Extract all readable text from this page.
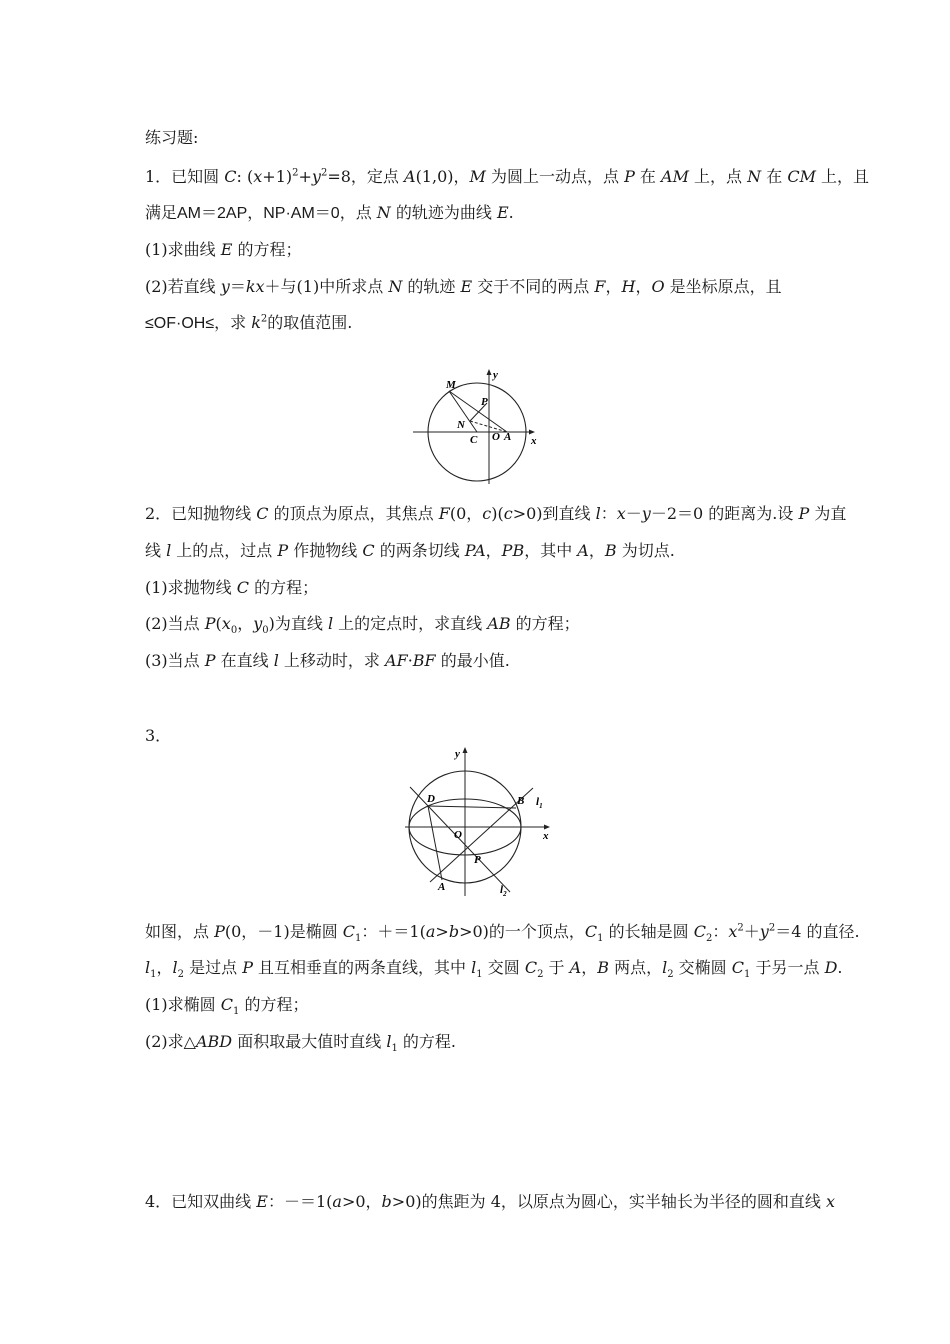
练习题:
1．已知圆 C: $(x+1)^2+y^2=8$，定点 A(1,0)，M 为圆上一动点，点 P 在 AM 上，点 N 在 CM 上，且
满足AM＝2AP，NP·AM＝0，点 N 的轨迹为曲线 E.
(1)求曲线 E 的方程；
(2)若直线 y＝kx＋与(1)中所求点 N 的轨迹 E 交于不同的两点 F，H，O 是坐标原点，且
≤OF·OH≤，求 $k^2$的取值范围.
M
P
N
C O A x
y
2．已知抛物线 C 的顶点为原点，其焦点 F(0，c)(c>0)到直线 l：x－y－2＝0 的距离为.设 P 为直
线 l 上的点，过点 P 作抛物线 C 的两条切线 PA，PB，其中 A，B 为切点.
(1)求抛物线 C 的方程；
(2)当点 $P(x_0$，$y_0$)为直线 l 上的定点时，求直线 AB 的方程；
(3)当点 P 在直线 l 上移动时，求 AF·BF 的最小值.
3．
y
x
D	B $l_1$
O
P
A	$l_2$
如图，点 P(0，－1)是椭圆 $C_1$：＋＝1(a>b>0)的一个顶点，$C_1$ 的长轴是圆 $C_2$：$x^2+y^2=4$ 的直径.
$l_1$，$l_2$ 是过点 P 且互相垂直的两条直线，其中 $l_1$ 交圆 $C_2$ 于 A，B 两点，$l_2$ 交椭圆 $C_1$ 于另一点 D.
(1)求椭圆 $C_1$ 的方程；
(2)求△ABD 面积取最大值时直线 $l_1$ 的方程.
4．已知双曲线 E：－＝1(a>0，b>0)的焦距为 4，以原点为圆心，实半轴长为半径的圆和直线 x
